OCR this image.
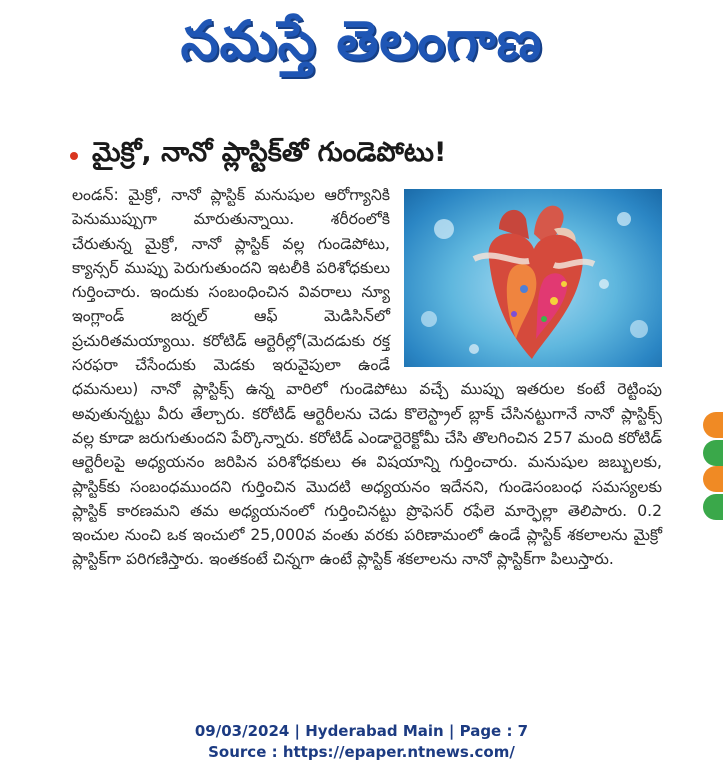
నమస్తే తెలంగాణ
మైక్రో, నానో ప్లాస్టిక్‌తో గుండెపోటు!

లండన్‌: మైక్రో, నానో ప్లాస్టిక్‌ మనుషుల ఆరోగ్యానికి పెనుముప్పుగా మారుతున్నాయి. శరీరంలోకి చేరుతున్న మైక్రో, నానో ప్లాస్టిక్‌ వల్ల గుండెపోటు, క్యాన్సర్‌ ముప్పు పెరుగుతుందని ఇటలీకి పరిశోధకులు గుర్తించారు. ఇందుకు సంబంధించిన వివరాలు న్యూ ఇంగ్లాండ్‌ జర్నల్‌ ఆఫ్‌ మెడిసిన్‌లో ప్రచురితమయ్యాయి. కరోటిడ్‌ ఆర్టెరీల్లో(మెదడుకు రక్త సరఫరా చేసేందుకు మెడకు ఇరువైపులా ఉండే ధమనులు) నానో ప్లాస్టిక్స్‌ ఉన్న వారిలో గుండెపోటు వచ్చే ముప్పు ఇతరుల కంటే రెట్టింపు అవుతున్నట్టు వీరు తేల్చారు. కరోటిడ్‌ ఆర్టెరీలను చెడు కొలెస్ట్రాల్‌ బ్లాక్‌ చేసినట్టుగానే నానో ప్లాస్టిక్స్‌ వల్ల కూడా జరుగుతుందని పేర్కొన్నారు. కరోటిడ్‌ ఎండార్టెరెక్టోమీ చేసి తొలగించిన 257 మంది కరోటిడ్‌ ఆర్టెరీలపై అధ్యయనం జరిపిన పరిశోధకులు ఈ విషయాన్ని గుర్తించారు. మనుషుల జబ్బులకు, ప్లాస్టిక్‌కు సంబంధముందని గుర్తించిన మొదటి అధ్యయనం ఇదేనని, గుండెసంబంధ సమస్యలకు ప్లాస్టిక్‌ కారణమని తమ అధ్యయనంలో గుర్తించినట్టు ప్రొఫెసర్‌ రఫేలె మార్ఫెల్లా తెలిపారు. 0.2 ఇంచుల నుంచి ఒక ఇంచులో 25,000వ వంతు వరకు పరిణామంలో ఉండే ప్లాస్టిక్‌ శకలాలను మైక్రో ప్లాస్టిక్‌గా పరిగణిస్తారు. ఇంతకంటే చిన్నగా ఉంటే ప్లాస్టిక్‌ శకలాలను నానో ప్లాస్టిక్‌గా పిలుస్తారు.

09/03/2024 | Hyderabad Main | Page : 7
Source : https://epaper.ntnews.com/
